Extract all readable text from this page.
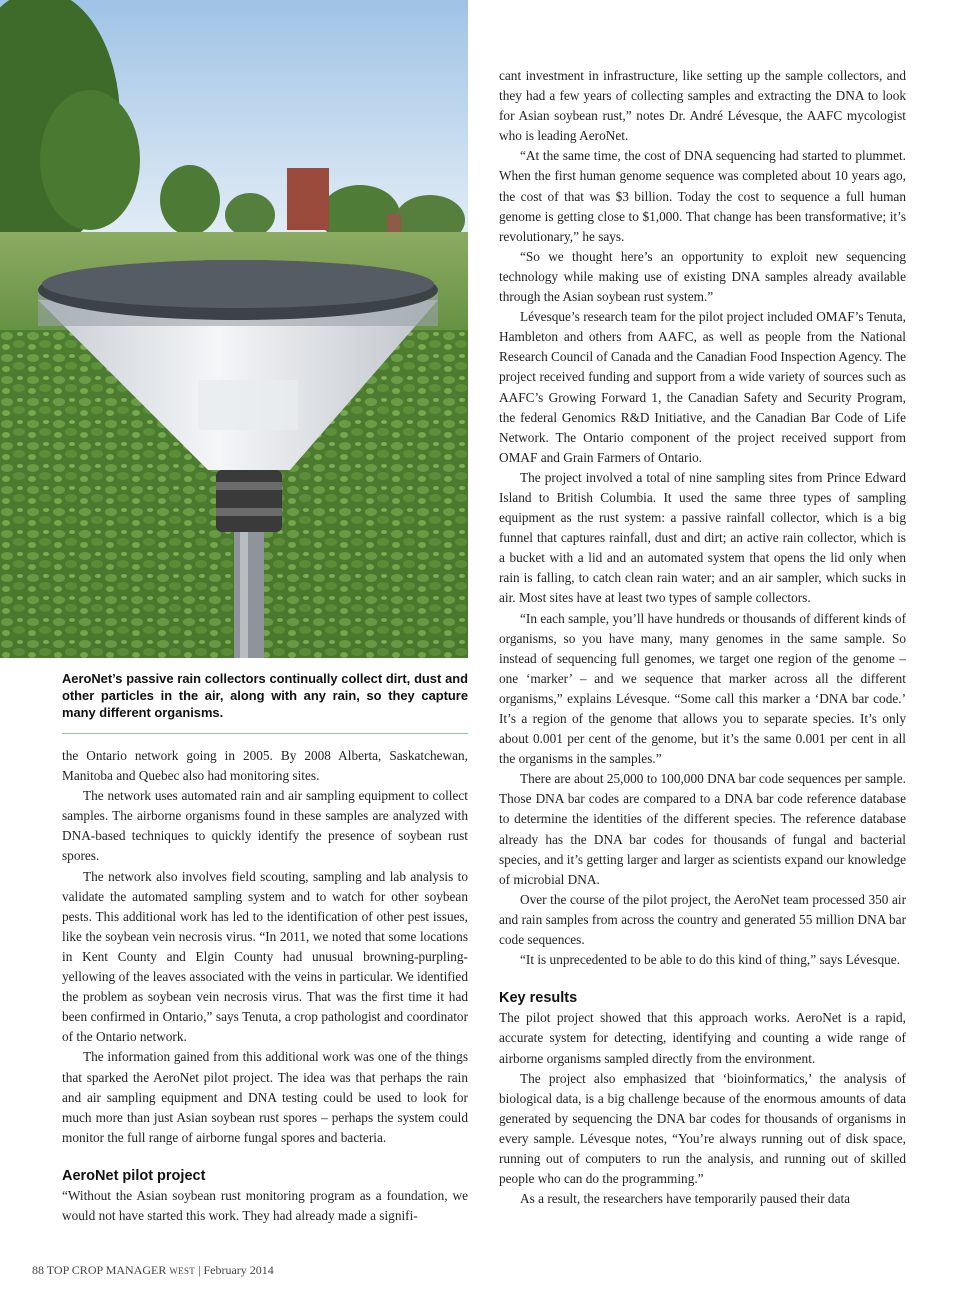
AeroNet’s passive rain collectors continually collect dirt, dust and other particles in the air, along with any rain, so they capture many different organisms.

the Ontario network going in 2005. By 2008 Alberta, Saskatchewan, Manitoba and Quebec also had monitoring sites.

The network uses automated rain and air sampling equipment to collect samples. The airborne organisms found in these samples are analyzed with DNA-based techniques to quickly identify the presence of soybean rust spores.

The network also involves field scouting, sampling and lab analysis to validate the automated sampling system and to watch for other soybean pests. This additional work has led to the identification of other pest issues, like the soybean vein necrosis virus. “In 2011, we noted that some locations in Kent County and Elgin County had unusual browning-purpling-yellowing of the leaves associated with the veins in particular. We identified the problem as soybean vein necrosis virus. That was the first time it had been confirmed in Ontario,” says Tenuta, a crop pathologist and coordinator of the Ontario network.

The information gained from this additional work was one of the things that sparked the AeroNet pilot project. The idea was that perhaps the rain and air sampling equipment and DNA testing could be used to look for much more than just Asian soybean rust spores – perhaps the system could monitor the full range of airborne fungal spores and bacteria.

AeroNet pilot project

“Without the Asian soybean rust monitoring program as a foundation, we would not have started this work. They had already made a signifi-

cant investment in infrastructure, like setting up the sample collectors, and they had a few years of collecting samples and extracting the DNA to look for Asian soybean rust,” notes Dr. André Lévesque, the AAFC mycologist who is leading AeroNet.

“At the same time, the cost of DNA sequencing had started to plummet. When the first human genome sequence was completed about 10 years ago, the cost of that was $3 billion. Today the cost to sequence a full human genome is getting close to $1,000. That change has been transformative; it’s revolutionary,” he says.

“So we thought here’s an opportunity to exploit new sequencing technology while making use of existing DNA samples already available through the Asian soybean rust system.”

Lévesque’s research team for the pilot project included OMAF’s Tenuta, Hambleton and others from AAFC, as well as people from the National Research Council of Canada and the Canadian Food Inspection Agency. The project received funding and support from a wide variety of sources such as AAFC’s Growing Forward 1, the Canadian Safety and Security Program, the federal Genomics R&D Initiative, and the Canadian Bar Code of Life Network. The Ontario component of the project received support from OMAF and Grain Farmers of Ontario.

The project involved a total of nine sampling sites from Prince Edward Island to British Columbia. It used the same three types of sampling equipment as the rust system: a passive rainfall collector, which is a big funnel that captures rainfall, dust and dirt; an active rain collector, which is a bucket with a lid and an automated system that opens the lid only when rain is falling, to catch clean rain water; and an air sampler, which sucks in air. Most sites have at least two types of sample collectors.

“In each sample, you’ll have hundreds or thousands of different kinds of organisms, so you have many, many genomes in the same sample. So instead of sequencing full genomes, we target one region of the genome – one ‘marker’ – and we sequence that marker across all the different organisms,” explains Lévesque. “Some call this marker a ‘DNA bar code.’ It’s a region of the genome that allows you to separate species. It’s only about 0.001 per cent of the genome, but it’s the same 0.001 per cent in all the organisms in the samples.”

There are about 25,000 to 100,000 DNA bar code sequences per sample. Those DNA bar codes are compared to a DNA bar code reference database to determine the identities of the different species. The reference database already has the DNA bar codes for thousands of fungal and bacterial species, and it’s getting larger and larger as scientists expand our knowledge of microbial DNA.

Over the course of the pilot project, the AeroNet team processed 350 air and rain samples from across the country and generated 55 million DNA bar code sequences.

“It is unprecedented to be able to do this kind of thing,” says Lévesque.

Key results

The pilot project showed that this approach works. AeroNet is a rapid, accurate system for detecting, identifying and counting a wide range of airborne organisms sampled directly from the environment.

The project also emphasized that ‘bioinformatics,’ the analysis of biological data, is a big challenge because of the enormous amounts of data generated by sequencing the DNA bar codes for thousands of organisms in every sample. Lévesque notes, “You’re always running out of disk space, running out of computers to run the analysis, and running out of skilled people who can do the programming.”

As a result, the researchers have temporarily paused their data

88 TOP CROP MANAGER WEST | February 2014
